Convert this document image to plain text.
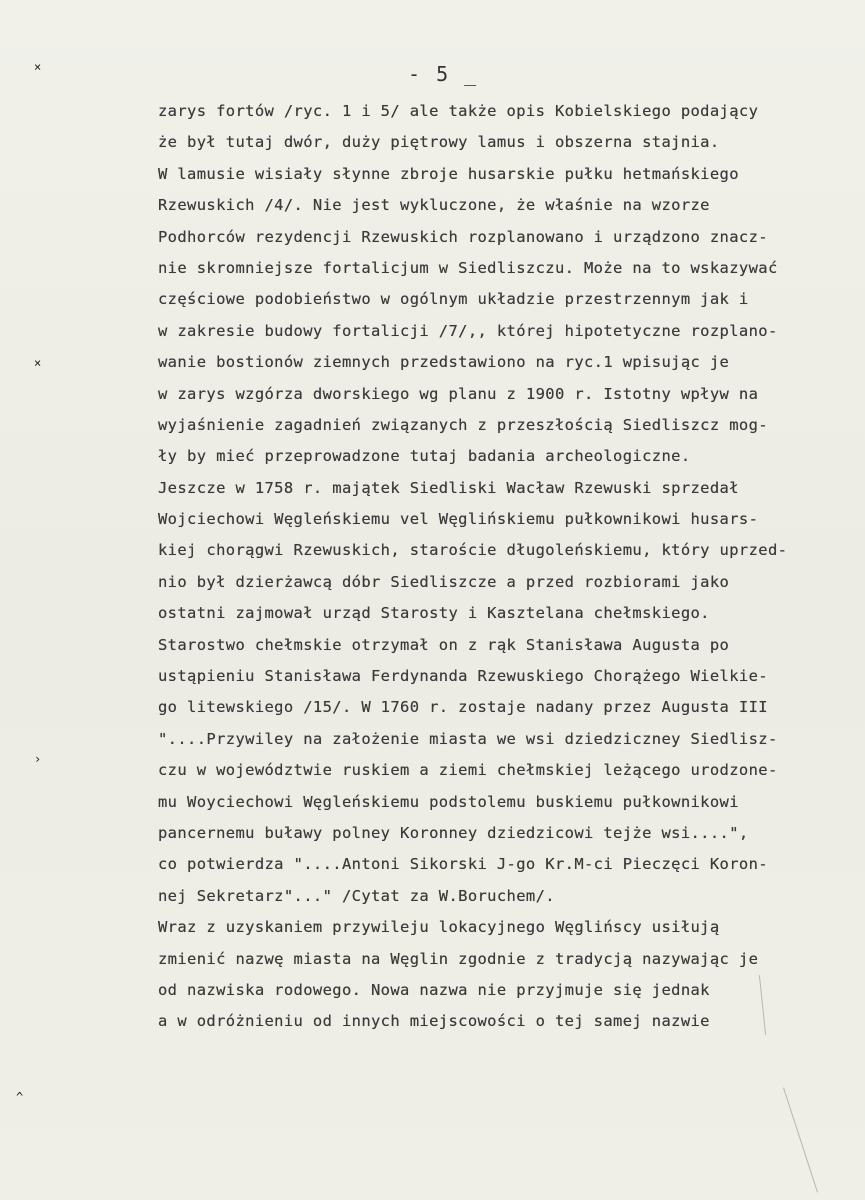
×
×
›
^
- 5 _
zarys fortów /ryc. 1 i 5/ ale także opis Kobielskiego podający
że był tutaj dwór, duży piętrowy lamus i obszerna stajnia.
W lamusie wisiały słynne zbroje husarskie pułku hetmańskiego
Rzewuskich /4/. Nie jest wykluczone, że właśnie na wzorze
Podhorców rezydencji Rzewuskich rozplanowano i urządzono znacz-
nie skromniejsze fortalicjum w Siedliszczu. Może na to wskazywać
częściowe podobieństwo w ogólnym układzie przestrzennym jak i
w zakresie budowy fortalicji /7/,, której hipotetyczne rozplano-
wanie bostionów ziemnych przedstawiono na ryc.1 wpisując je
w zarys wzgórza dworskiego wg planu z 1900 r. Istotny wpływ na
wyjaśnienie zagadnień związanych z przeszłością Siedliszcz mog-
ły by mieć przeprowadzone tutaj badania archeologiczne.
Jeszcze w 1758 r. majątek Siedliski Wacław Rzewuski sprzedał
Wojciechowi Węgleńskiemu vel Węglińskiemu pułkownikowi husars-
kiej chorągwi Rzewuskich, staroście długoleńskiemu, który uprzed-
nio był dzierżawcą dóbr Siedliszcze a przed rozbiorami jako
ostatni zajmował urząd Starosty i Kasztelana chełmskiego.
Starostwo chełmskie otrzymał on z rąk Stanisława Augusta po
ustąpieniu Stanisława Ferdynanda Rzewuskiego Chorążego Wielkie-
go litewskiego /15/. W 1760 r. zostaje nadany przez Augusta III
"....Przywiley na założenie miasta we wsi dziedziczney Siedlisz-
czu w województwie ruskiem a ziemi chełmskiej leżącego urodzone-
mu Woyciechowi Węgleńskiemu podstolemu buskiemu pułkownikowi
pancernemu buławy polney Koronney dziedzicowi tejże wsi....",
co potwierdza "....Antoni Sikorski J-go Kr.M-ci Pieczęci Koron-
nej Sekretarz"..." /Cytat za W.Boruchem/.
Wraz z uzyskaniem przywileju lokacyjnego Węglińscy usiłują
zmienić nazwę miasta na Węglin zgodnie z tradycją nazywając je
od nazwiska rodowego. Nowa nazwa nie przyjmuje się jednak
a w odróżnieniu od innych miejscowości o tej samej nazwie
